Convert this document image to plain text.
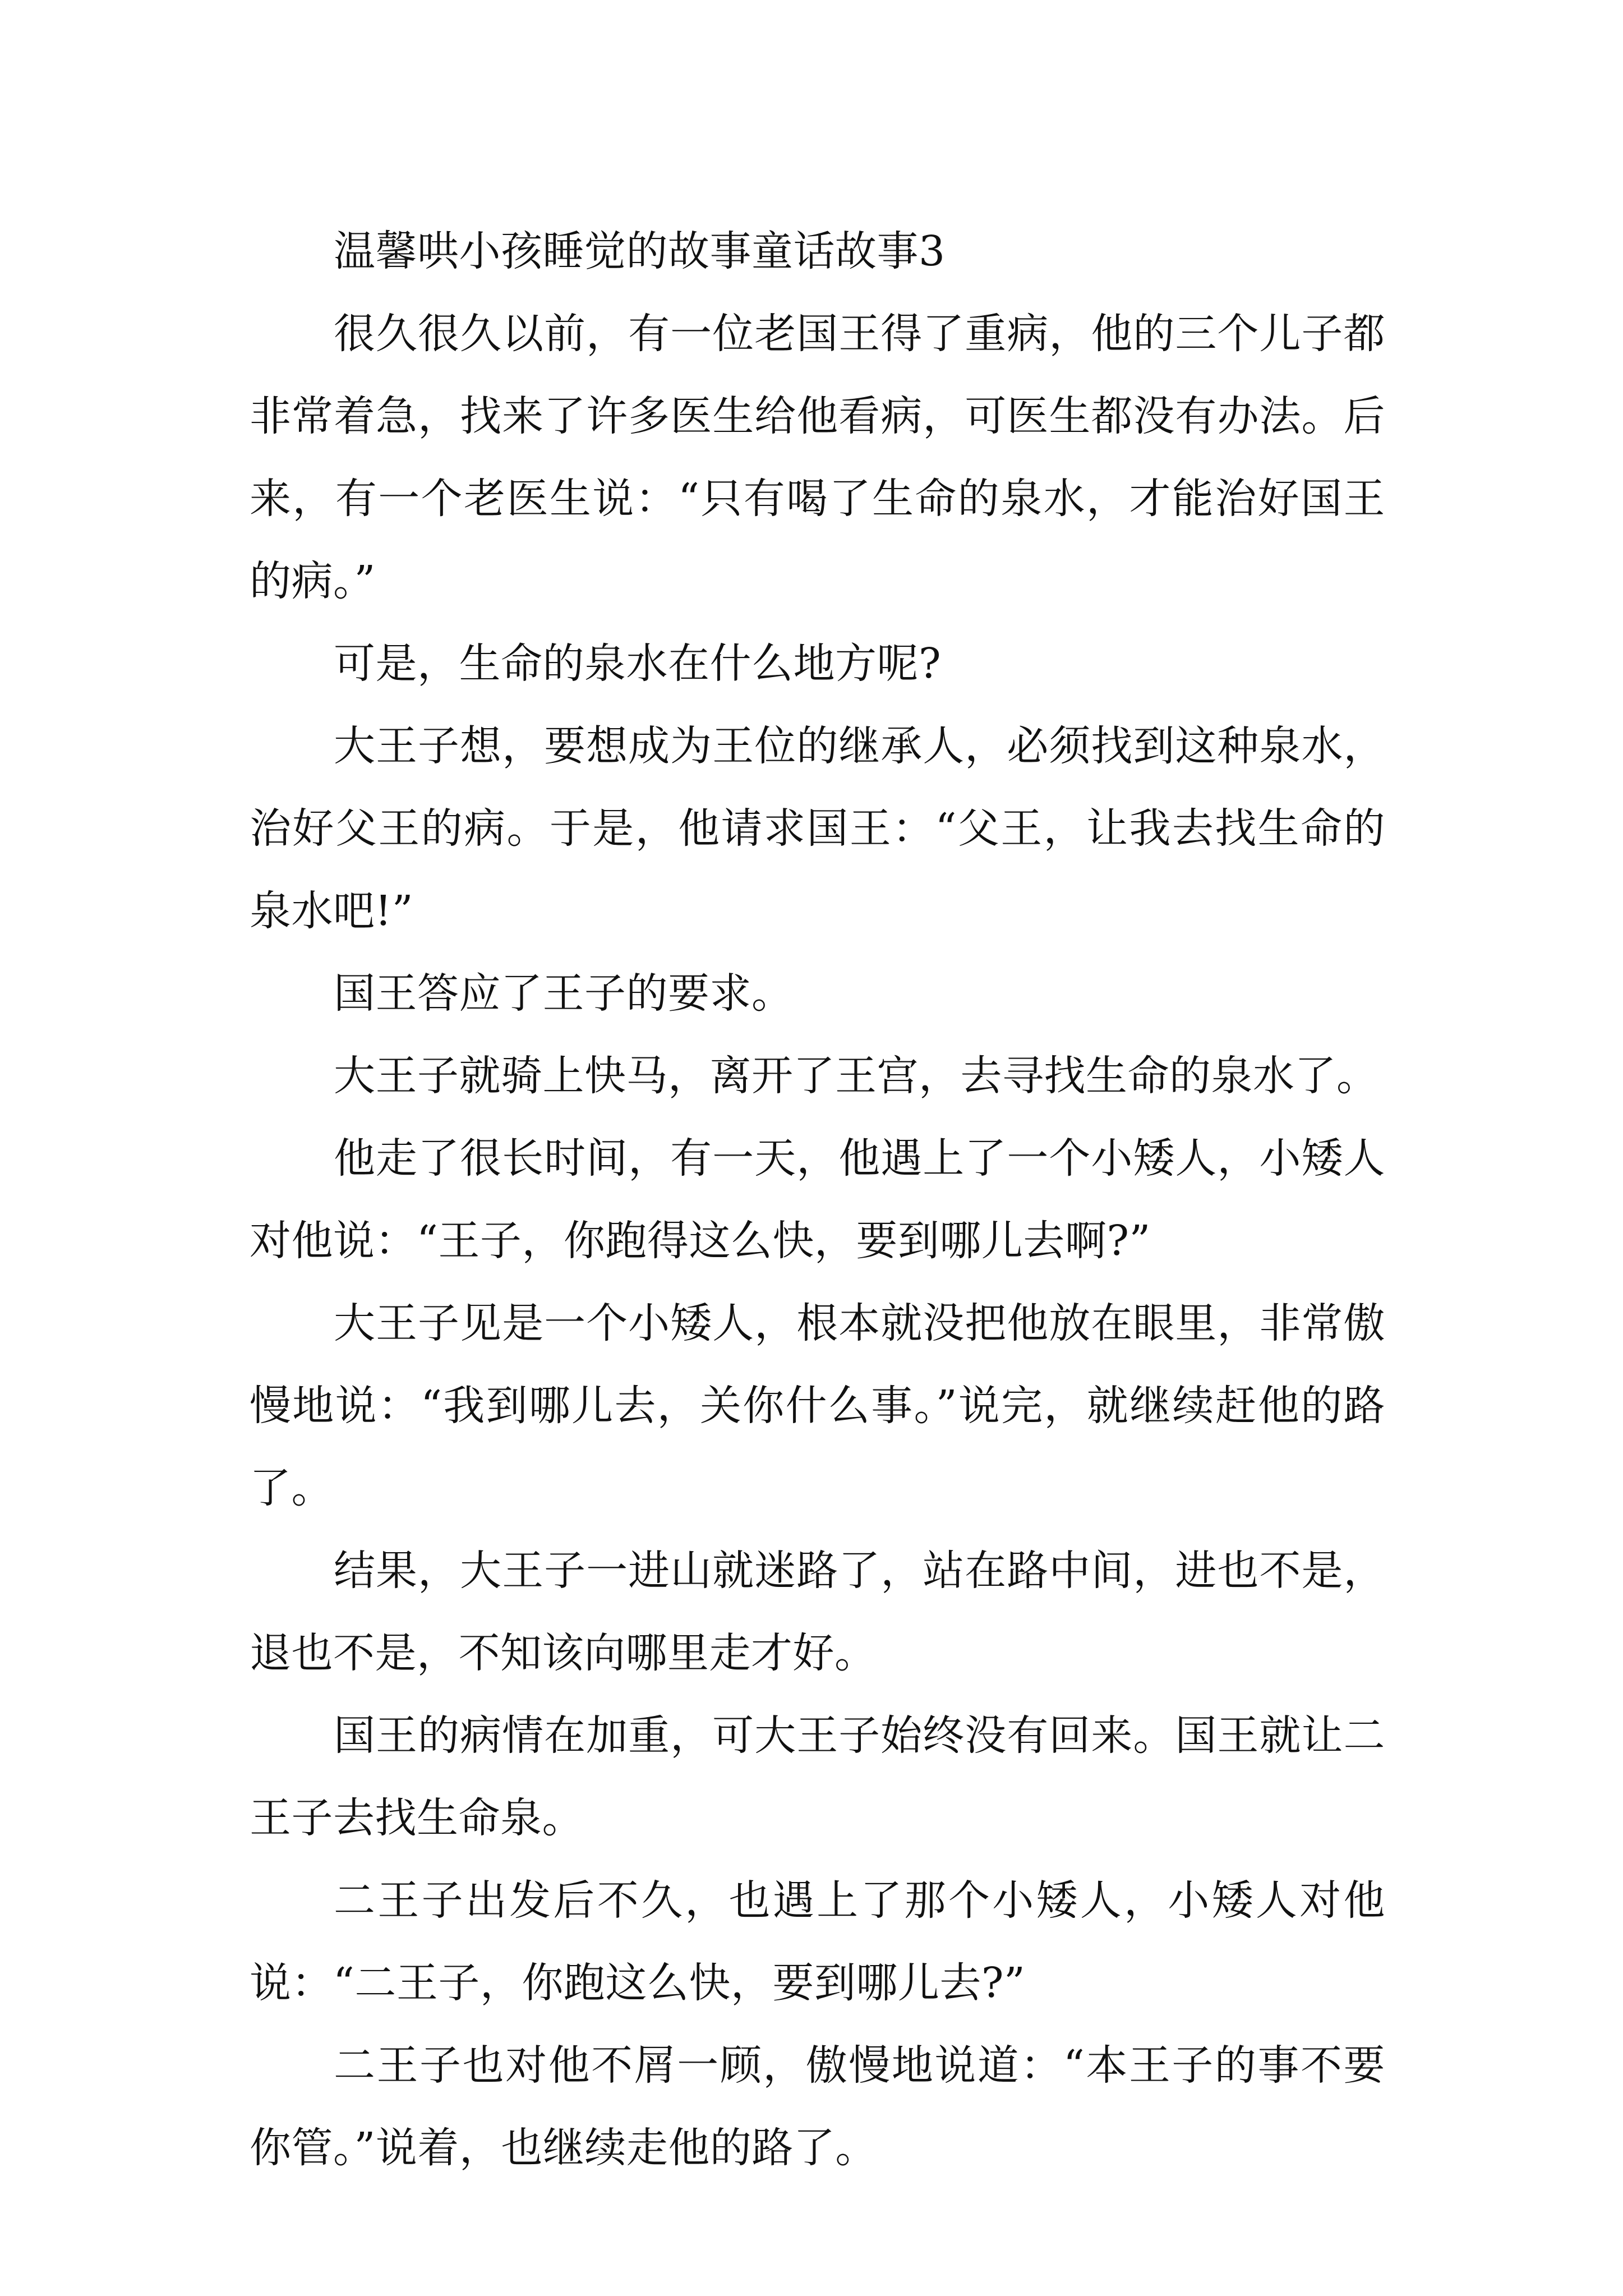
温馨哄小孩睡觉的故事童话故事3

很久很久以前，有一位老国王得了重病，他的三个儿子都非常着急，找来了许多医生给他看病，可医生都没有办法。后来，有一个老医生说：“只有喝了生命的泉水，才能治好国王的病。”

可是，生命的泉水在什么地方呢?

大王子想，要想成为王位的继承人，必须找到这种泉水，治好父王的病。于是，他请求国王：“父王，让我去找生命的泉水吧!”

国王答应了王子的要求。

大王子就骑上快马，离开了王宫，去寻找生命的泉水了。

他走了很长时间，有一天，他遇上了一个小矮人，小矮人对他说：“王子，你跑得这么快，要到哪儿去啊?”

大王子见是一个小矮人，根本就没把他放在眼里，非常傲慢地说：“我到哪儿去，关你什么事。”说完，就继续赶他的路了。

结果，大王子一进山就迷路了，站在路中间，进也不是，退也不是，不知该向哪里走才好。

国王的病情在加重，可大王子始终没有回来。国王就让二王子去找生命泉。

二王子出发后不久，也遇上了那个小矮人，小矮人对他说：“二王子，你跑这么快，要到哪儿去?”

二王子也对他不屑一顾，傲慢地说道：“本王子的事不要你管。”说着，也继续走他的路了。
